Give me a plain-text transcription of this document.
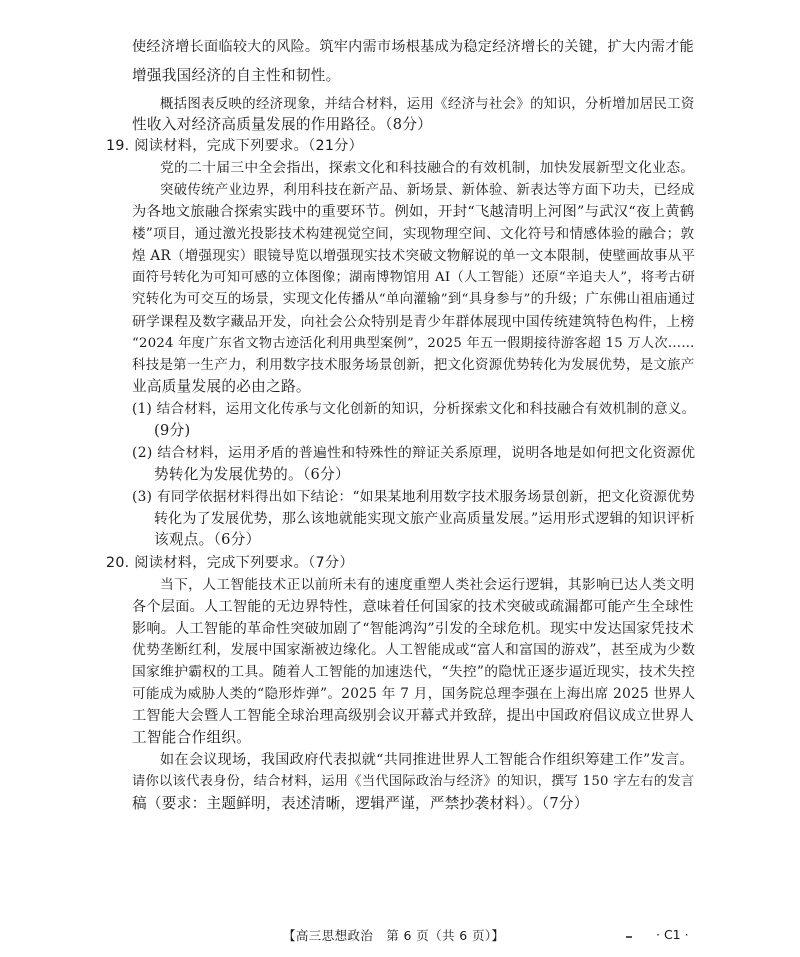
使经济增长面临较大的风险。筑牢内需市场根基成为稳定经济增长的关键，扩大内需才能
增强我国经济的自主性和韧性。
概括图表反映的经济现象，并结合材料，运用《经济与社会》的知识，分析增加居民工资
性收入对经济高质量发展的作用路径。（8分）
19. 阅读材料，完成下列要求。（21分）
党的二十届三中全会指出，探索文化和科技融合的有效机制，加快发展新型文化业态。
突破传统产业边界，利用科技在新产品、新场景、新体验、新表达等方面下功夫，已经成
为各地文旅融合探索实践中的重要环节。例如，开封“飞越清明上河图”与武汉“夜上黄鹤
楼”项目，通过激光投影技术构建视觉空间，实现物理空间、文化符号和情感体验的融合；敦
煌 AR（增强现实）眼镜导览以增强现实技术突破文物解说的单一文本限制，使壁画故事从平
面符号转化为可知可感的立体图像；湖南博物馆用 AI（人工智能）还原“辛追夫人”，将考古研
究转化为可交互的场景，实现文化传播从“单向灌输”到“具身参与”的升级；广东佛山祖庙通过
研学课程及数字藏品开发，向社会公众特别是青少年群体展现中国传统建筑特色构件，上榜
“2024 年度广东省文物古迹活化利用典型案例”，2025 年五一假期接待游客超 15 万人次……
科技是第一生产力，利用数字技术服务场景创新，把文化资源优势转化为发展优势，是文旅产
业高质量发展的必由之路。
(1) 结合材料，运用文化传承与文化创新的知识，分析探索文化和科技融合有效机制的意义。
(9分)
(2) 结合材料，运用矛盾的普遍性和特殊性的辩证关系原理，说明各地是如何把文化资源优
势转化为发展优势的。（6分）
(3) 有同学依据材料得出如下结论：“如果某地利用数字技术服务场景创新，把文化资源优势
转化为了发展优势，那么该地就能实现文旅产业高质量发展。”运用形式逻辑的知识评析
该观点。（6分）
20. 阅读材料，完成下列要求。（7分）
当下，人工智能技术正以前所未有的速度重塑人类社会运行逻辑，其影响已达人类文明
各个层面。人工智能的无边界特性，意味着任何国家的技术突破或疏漏都可能产生全球性
影响。人工智能的革命性突破加剧了“智能鸿沟”引发的全球危机。现实中发达国家凭技术
优势垄断红利，发展中国家渐被边缘化。人工智能成或“富人和富国的游戏”，甚至成为少数
国家维护霸权的工具。随着人工智能的加速迭代，“失控”的隐忧正逐步逼近现实，技术失控
可能成为威胁人类的“隐形炸弹”。2025 年 7 月，国务院总理李强在上海出席 2025 世界人
工智能大会暨人工智能全球治理高级别会议开幕式并致辞，提出中国政府倡议成立世界人
工智能合作组织。
如在会议现场，我国政府代表拟就“共同推进世界人工智能合作组织筹建工作”发言。
请你以该代表身份，结合材料，运用《当代国际政治与经济》的知识，撰写 150 字左右的发言
稿（要求：主题鲜明，表述清晰，逻辑严谨，严禁抄袭材料）。（7分）
【高三思想政治　第 6 页（共 6 页）】	· C1 ·
